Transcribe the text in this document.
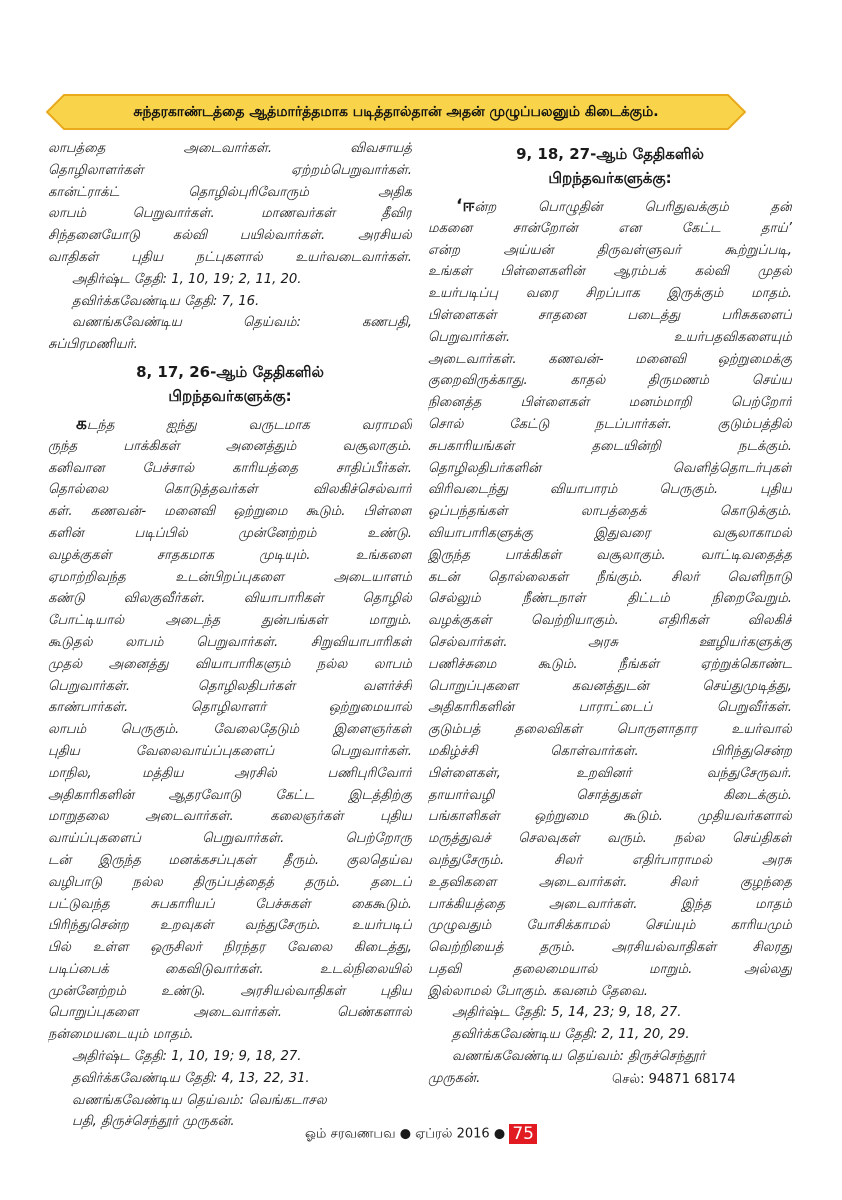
சுந்தரகாண்டத்தை ஆத்மார்த்தமாக படித்தால்தான் அதன் முழுப்பலனும் கிடைக்கும்.
லாபத்தை அடைவார்கள். விவசாயத்
தொழிலாளர்கள் ஏற்றம்பெறுவார்கள்.
கான்ட்ராக்ட் தொழில்புரிவோரும் அதிக
லாபம் பெறுவார்கள். மாணவர்கள் தீவிர
சிந்தனையோடு கல்வி பயில்வார்கள். அரசியல்
வாதிகள் புதிய நட்புகளால் உயர்வடைவார்கள்.
அதிர்ஷ்ட தேதி: 1, 10, 19; 2, 11, 20.
தவிர்க்கவேண்டிய தேதி: 7, 16.
வணங்கவேண்டிய தெய்வம்: கணபதி,
சுப்பிரமணியர்.
8, 17, 26-ஆம் தேதிகளில்
பிறந்தவர்களுக்கு:
கடந்த ஐந்து வருடமாக வராமலி
ருந்த பாக்கிகள் அனைத்தும் வசூலாகும்.
கனிவான பேச்சால் காரியத்தை சாதிப்பீர்கள்.
தொல்லை கொடுத்தவர்கள் விலகிச்செல்வார்
கள். கணவன்- மனைவி ஒற்றுமை கூடும். பிள்ளை
களின் படிப்பில் முன்னேற்றம் உண்டு.
வழக்குகள் சாதகமாக முடியும். உங்களை
ஏமாற்றிவந்த உடன்பிறப்புகளை அடையாளம்
கண்டு விலகுவீர்கள். வியாபாரிகள் தொழில்
போட்டியால் அடைந்த துன்பங்கள் மாறும்.
கூடுதல் லாபம் பெறுவார்கள். சிறுவியாபாரிகள்
முதல் அனைத்து வியாபாரிகளும் நல்ல லாபம்
பெறுவார்கள். தொழிலதிபர்கள் வளர்ச்சி
காண்பார்கள். தொழிலாளர் ஒற்றுமையால்
லாபம் பெருகும். வேலைதேடும் இளைஞர்கள்
புதிய வேலைவாய்ப்புகளைப் பெறுவார்கள்.
மாநில, மத்திய அரசில் பணிபுரிவோர்
அதிகாரிகளின் ஆதரவோடு கேட்ட இடத்திற்கு
மாறுதலை அடைவார்கள். கலைஞர்கள் புதிய
வாய்ப்புகளைப் பெறுவார்கள். பெற்றோரு
டன் இருந்த மனக்கசப்புகள் தீரும். குலதெய்வ
வழிபாடு நல்ல திருப்பத்தைத் தரும். தடைப்
பட்டுவந்த சுபகாரியப் பேச்சுகள் கைகூடும்.
பிரிந்துசென்ற உறவுகள் வந்துசேரும். உயர்படிப்
பில் உள்ள ஒருசிலர் நிரந்தர வேலை கிடைத்து,
படிப்பைக் கைவிடுவார்கள். உடல்நிலையில்
முன்னேற்றம் உண்டு. அரசியல்வாதிகள் புதிய
பொறுப்புகளை அடைவார்கள். பெண்களால்
நன்மையடையும் மாதம்.
அதிர்ஷ்ட தேதி: 1, 10, 19; 9, 18, 27.
தவிர்க்கவேண்டிய தேதி: 4, 13, 22, 31.
வணங்கவேண்டிய தெய்வம்: வெங்கடாசல
பதி, திருச்செந்தூர் முருகன்.
9, 18, 27-ஆம் தேதிகளில்
பிறந்தவர்களுக்கு:
‘ஈன்ற பொழுதின் பெரிதுவக்கும் தன்
மகனை சான்றோன் என கேட்ட தாய்’
என்ற அய்யன் திருவள்ளுவர் கூற்றுப்படி,
உங்கள் பிள்ளைகளின் ஆரம்பக் கல்வி முதல்
உயர்படிப்பு வரை சிறப்பாக இருக்கும் மாதம்.
பிள்ளைகள் சாதனை படைத்து பரிசுகளைப்
பெறுவார்கள். உயர்பதவிகளையும்
அடைவார்கள். கணவன்- மனைவி ஒற்றுமைக்கு
குறைவிருக்காது. காதல் திருமணம் செய்ய
நினைத்த பிள்ளைகள் மனம்மாறி பெற்றோர்
சொல் கேட்டு நடப்பார்கள். குடும்பத்தில்
சுபகாரியங்கள் தடையின்றி நடக்கும்.
தொழிலதிபர்களின் வெளித்தொடர்புகள்
விரிவடைந்து வியாபாரம் பெருகும். புதிய
ஒப்பந்தங்கள் லாபத்தைக் கொடுக்கும்.
வியாபாரிகளுக்கு இதுவரை வசூலாகாமல்
இருந்த பாக்கிகள் வசூலாகும். வாட்டிவதைத்த
கடன் தொல்லைகள் நீங்கும். சிலர் வெளிநாடு
செல்லும் நீண்டநாள் திட்டம் நிறைவேறும்.
வழக்குகள் வெற்றியாகும். எதிரிகள் விலகிச்
செல்வார்கள். அரசு ஊழியர்களுக்கு
பணிச்சுமை கூடும். நீங்கள் ஏற்றுக்கொண்ட
பொறுப்புகளை கவனத்துடன் செய்துமுடித்து,
அதிகாரிகளின் பாராட்டைப் பெறுவீர்கள்.
குடும்பத் தலைவிகள் பொருளாதார உயர்வால்
மகிழ்ச்சி கொள்வார்கள். பிரிந்துசென்ற
பிள்ளைகள், உறவினர் வந்துசேருவர்.
தாயார்வழி சொத்துகள் கிடைக்கும்.
பங்காளிகள் ஒற்றுமை கூடும். முதியவர்களால்
மருத்துவச் செலவுகள் வரும். நல்ல செய்திகள்
வந்துசேரும். சிலர் எதிர்பாராமல் அரசு
உதவிகளை அடைவார்கள். சிலர் குழந்தை
பாக்கியத்தை அடைவார்கள். இந்த மாதம்
முழுவதும் யோசிக்காமல் செய்யும் காரியமும்
வெற்றியைத் தரும். அரசியல்வாதிகள் சிலரது
பதவி தலைமையால் மாறும். அல்லது
இல்லாமல் போகும். கவனம் தேவை.
அதிர்ஷ்ட தேதி: 5, 14, 23; 9, 18, 27.
தவிர்க்கவேண்டிய தேதி: 2, 11, 20, 29.
வணங்கவேண்டிய தெய்வம்: திருச்செந்தூர்
முருகன்.	செல்: 94871 68174
ஓம் சரவணபவ ● ஏப்ரல் 2016 ● 75
